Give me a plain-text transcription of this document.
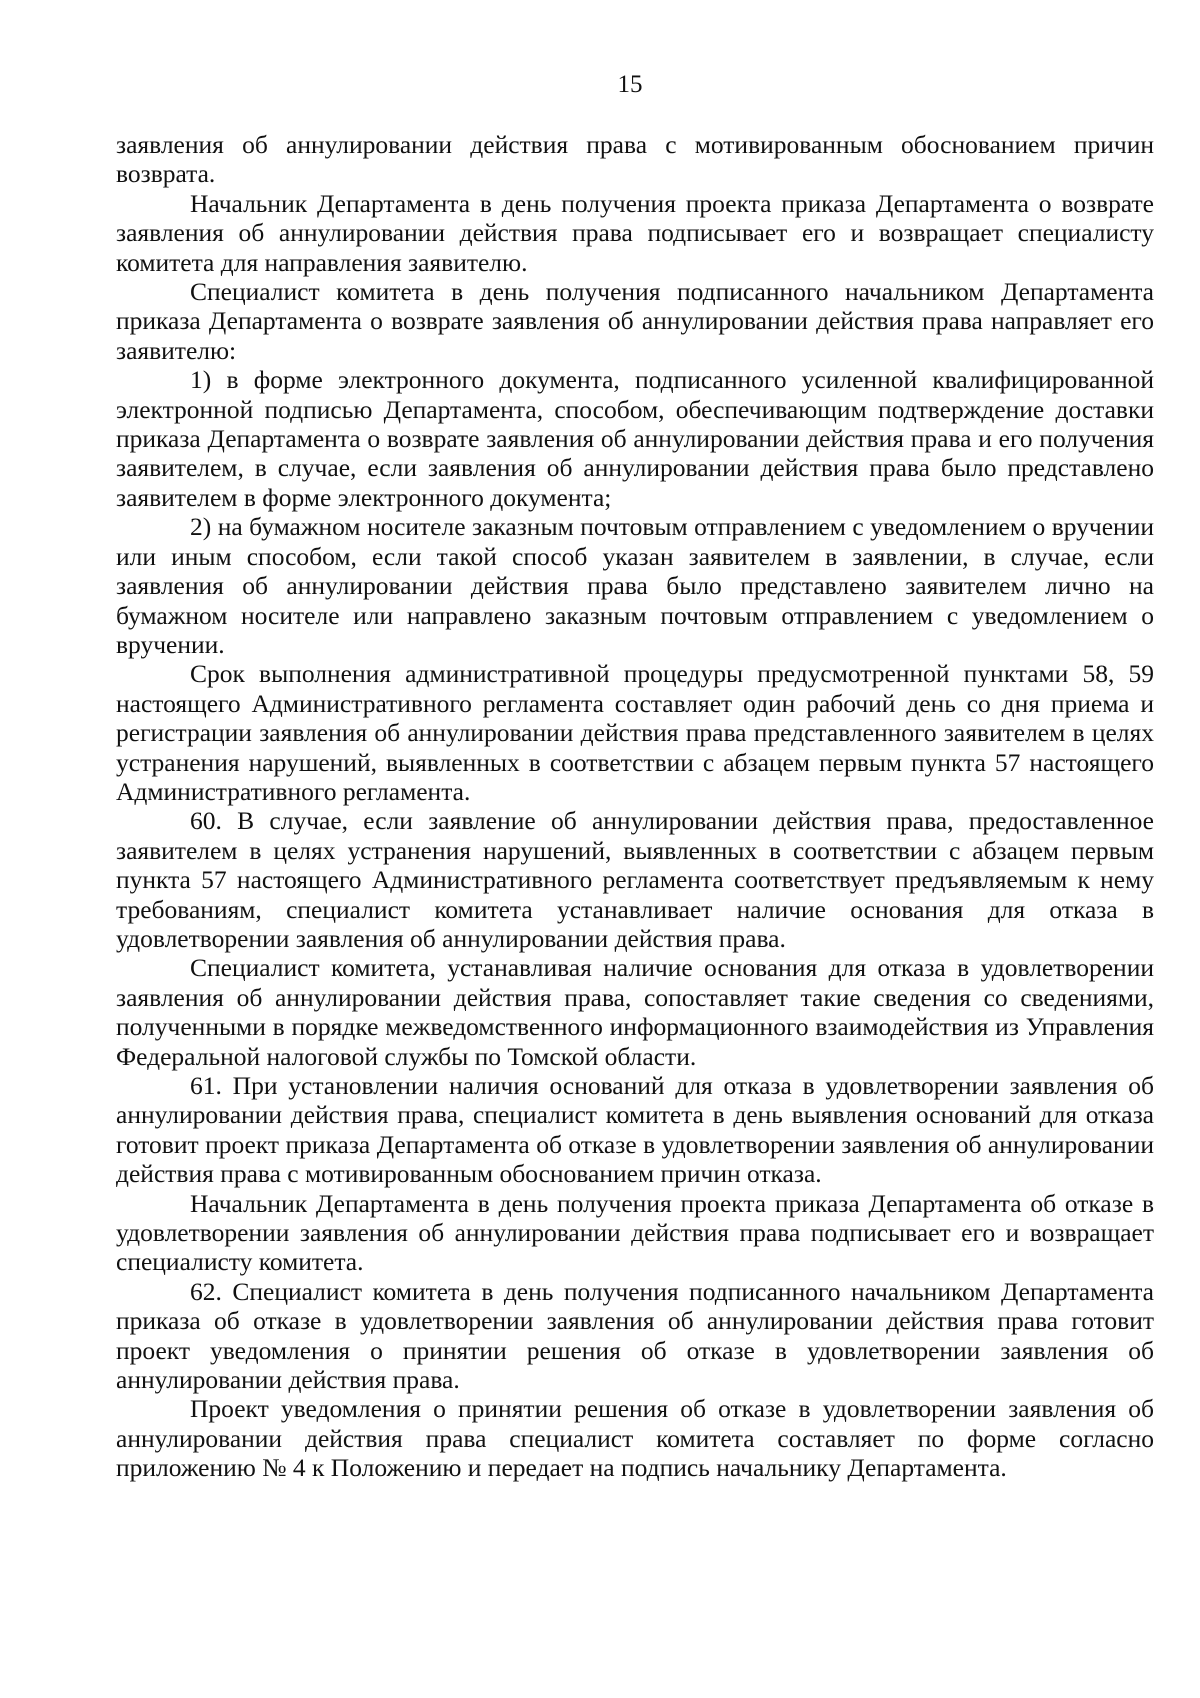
15

заявления об аннулировании действия права с мотивированным обоснованием причин возврата.

Начальник Департамента в день получения проекта приказа Департамента о возврате заявления об аннулировании действия права подписывает его и возвращает специалисту комитета для направления заявителю.

Специалист комитета в день получения подписанного начальником Департамента приказа Департамента о возврате заявления об аннулировании действия права направляет его заявителю:

1) в форме электронного документа, подписанного усиленной квалифицированной электронной подписью Департамента, способом, обеспечивающим подтверждение доставки приказа Департамента о возврате заявления об аннулировании действия права и его получения заявителем, в случае, если заявления об аннулировании действия права было представлено заявителем в форме электронного документа;

2) на бумажном носителе заказным почтовым отправлением с уведомлением о вручении или иным способом, если такой способ указан заявителем в заявлении, в случае, если заявления об аннулировании действия права было представлено заявителем лично на бумажном носителе или направлено заказным почтовым отправлением с уведомлением о вручении.

Срок выполнения административной процедуры предусмотренной пунктами 58, 59 настоящего Административного регламента составляет один рабочий день со дня приема и регистрации заявления об аннулировании действия права представленного заявителем в целях устранения нарушений, выявленных в соответствии с абзацем первым пункта 57 настоящего Административного регламента.

60. В случае, если заявление об аннулировании действия права, предоставленное заявителем в целях устранения нарушений, выявленных в соответствии с абзацем первым пункта 57 настоящего Административного регламента соответствует предъявляемым к нему требованиям, специалист комитета устанавливает наличие основания для отказа в удовлетворении заявления об аннулировании действия права.

Специалист комитета, устанавливая наличие основания для отказа в удовлетворении заявления об аннулировании действия права, сопоставляет такие сведения со сведениями, полученными в порядке межведомственного информационного взаимодействия из Управления Федеральной налоговой службы по Томской области.

61. При установлении наличия оснований для отказа в удовлетворении заявления об аннулировании действия права, специалист комитета в день выявления оснований для отказа готовит проект приказа Департамента об отказе в удовлетворении заявления об аннулировании действия права с мотивированным обоснованием причин отказа.

Начальник Департамента в день получения проекта приказа Департамента об отказе в удовлетворении заявления об аннулировании действия права подписывает его и возвращает специалисту комитета.

62. Специалист комитета в день получения подписанного начальником Департамента приказа об отказе в удовлетворении заявления об аннулировании действия права готовит проект уведомления о принятии решения об отказе в удовлетворении заявления об аннулировании действия права.

Проект уведомления о принятии решения об отказе в удовлетворении заявления об аннулировании действия права специалист комитета составляет по форме согласно приложению № 4 к Положению и передает на подпись начальнику Департамента.
